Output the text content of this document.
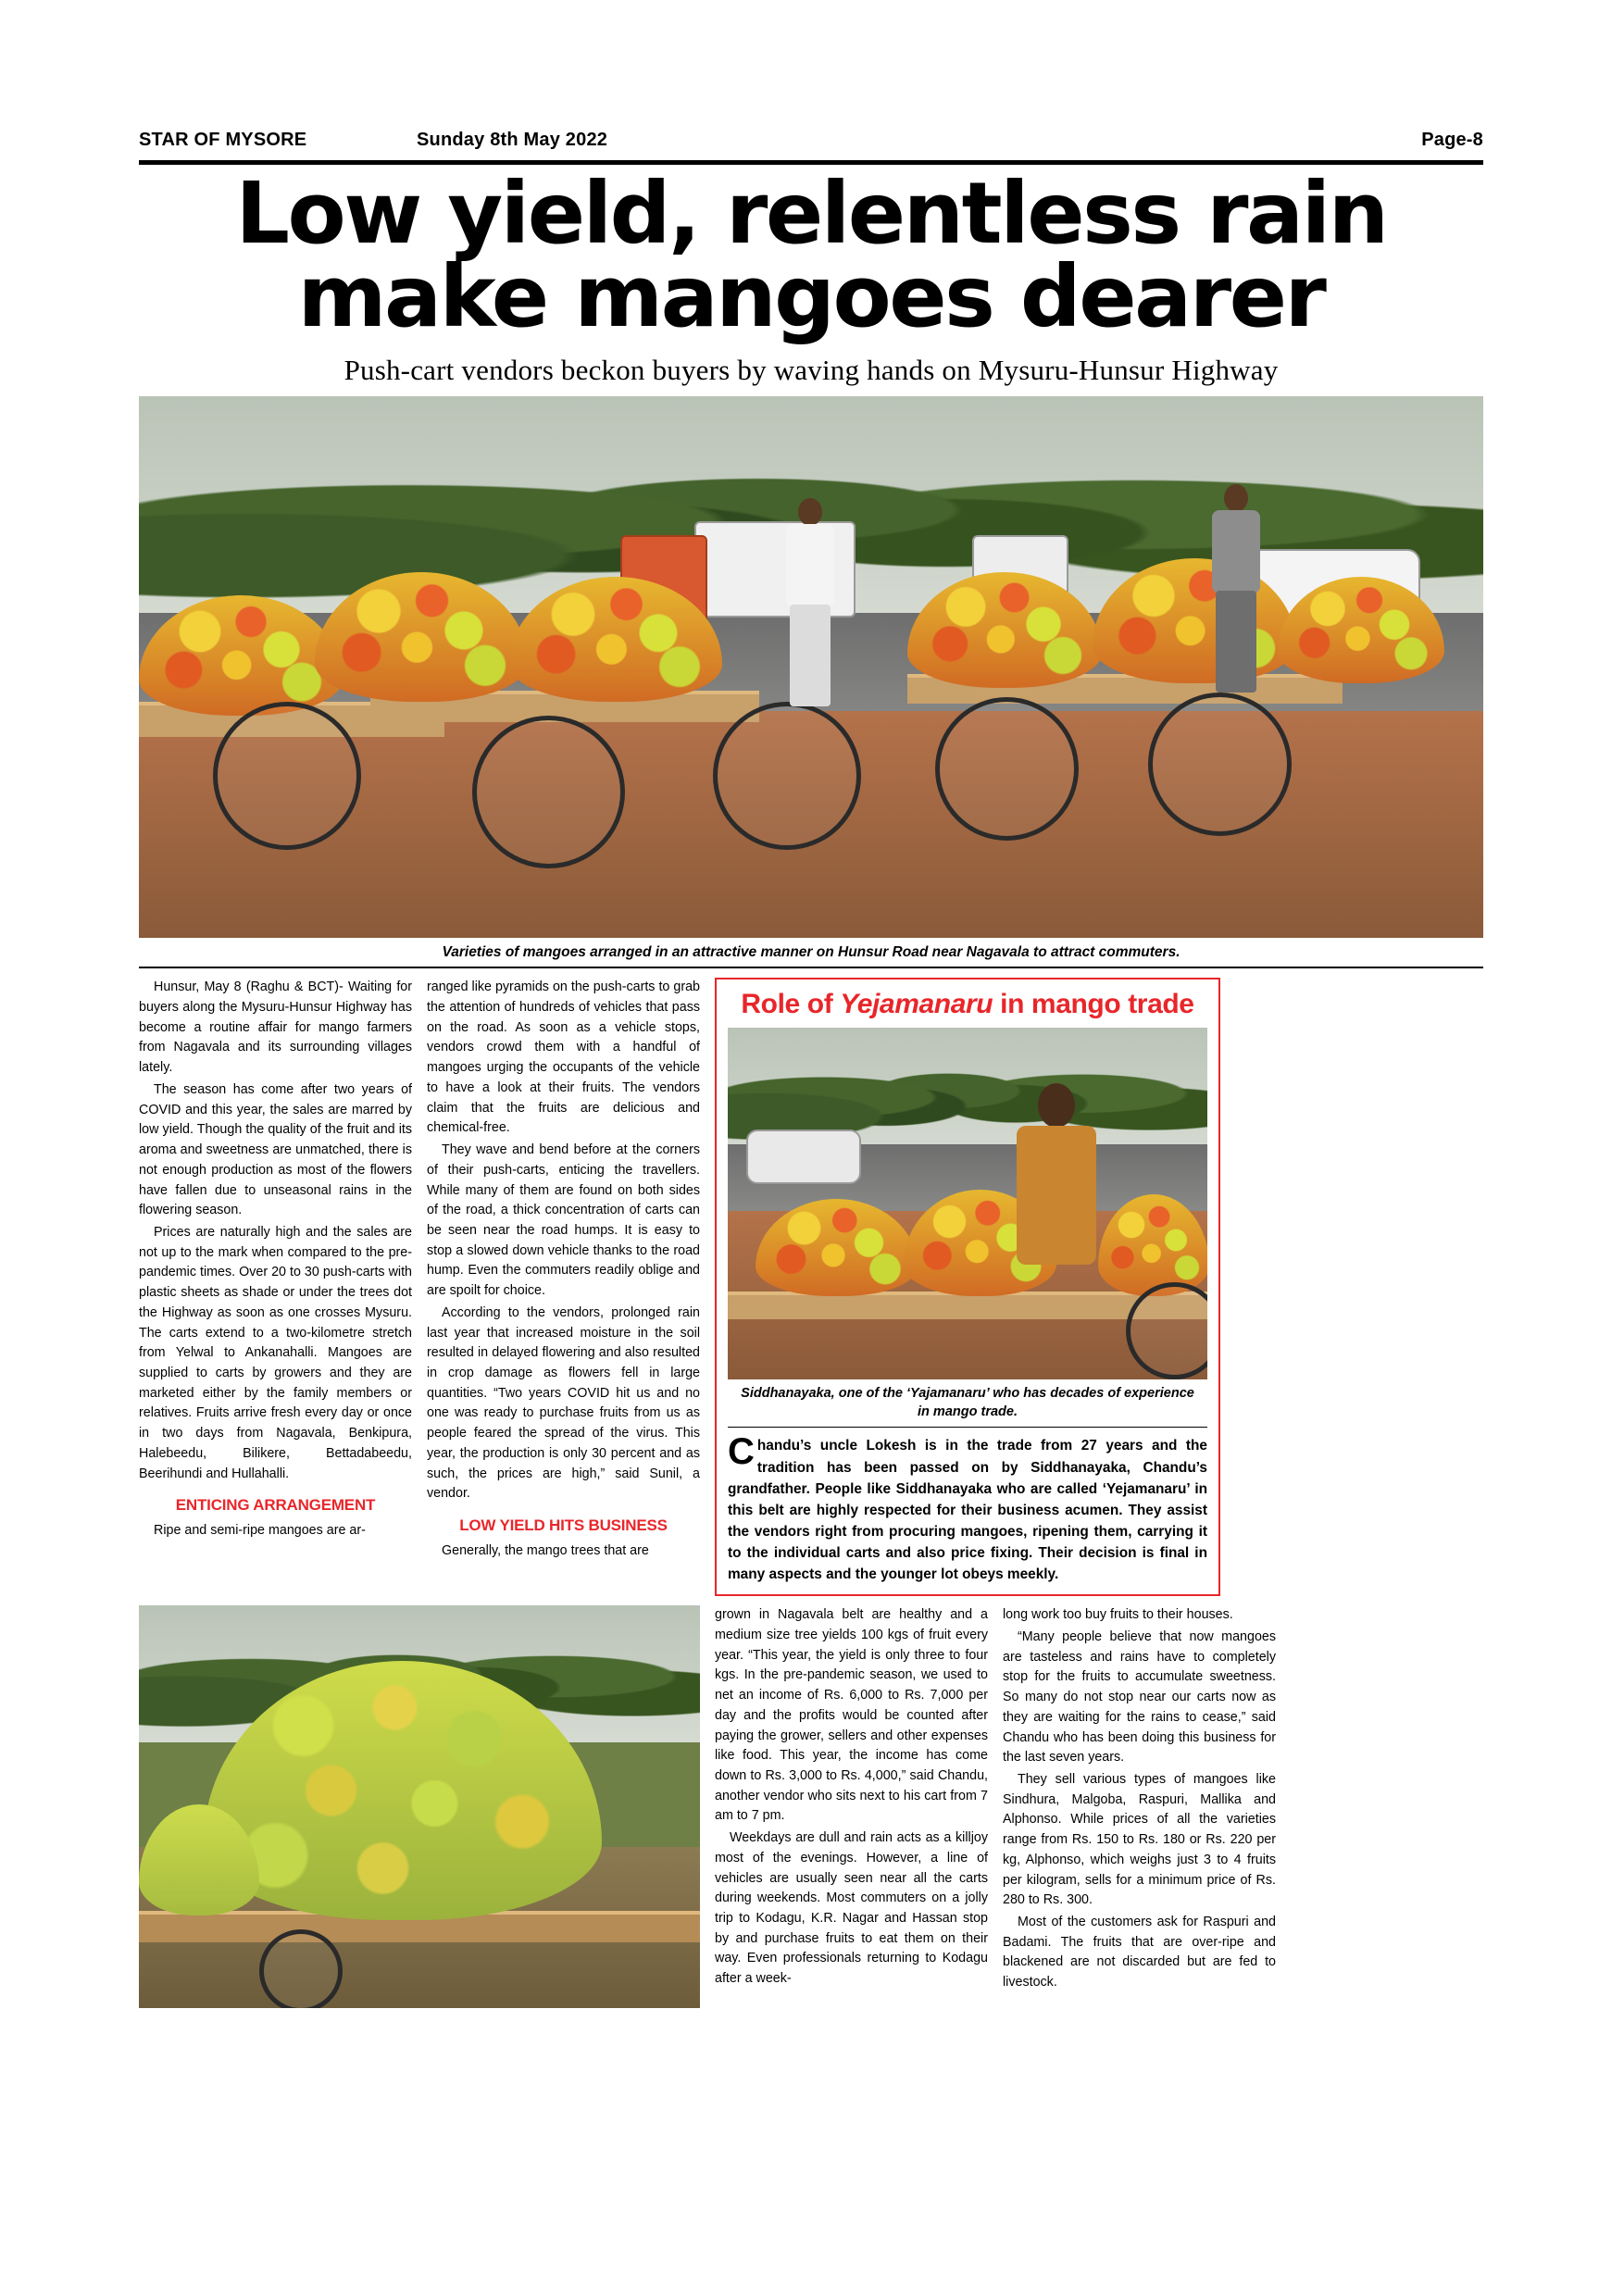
STAR OF MYSORE	Sunday 8th May 2022	Page-8
Low yield, relentless rain
make mangoes dearer
Push-cart vendors beckon buyers by waving hands on Mysuru-Hunsur Highway
Varieties of mangoes arranged in an attractive manner on Hunsur Road near Nagavala to attract commuters.

Hunsur, May 8 (Raghu & BCT)- Waiting for buyers along the Mysuru-Hunsur Highway has become a routine affair for mango farmers from Nagavala and its surrounding villages lately.

The season has come after two years of COVID and this year, the sales are marred by low yield. Though the quality of the fruit and its aroma and sweetness are unmatched, there is not enough production as most of the flowers have fallen due to unseasonal rains in the flowering season.

Prices are naturally high and the sales are not up to the mark when compared to the pre-pandemic times. Over 20 to 30 push-carts with plastic sheets as shade or under the trees dot the Highway as soon as one crosses Mysuru. The carts extend to a two-kilometre stretch from Yelwal to Ankanahalli. Mangoes are supplied to carts by growers and they are marketed either by the family members or relatives. Fruits arrive fresh every day or once in two days from Nagavala, Benkipura, Halebeedu, Bilikere, Bettadabeedu, Beerihundi and Hullahalli.

ENTICING ARRANGEMENT

Ripe and semi-ripe mangoes are ar-

ranged like pyramids on the push-carts to grab the attention of hundreds of vehicles that pass on the road. As soon as a vehicle stops, vendors crowd them with a handful of mangoes urging the occupants of the vehicle to have a look at their fruits. The vendors claim that the fruits are delicious and chemical-free.

They wave and bend before at the corners of their push-carts, enticing the travellers. While many of them are found on both sides of the road, a thick concentration of carts can be seen near the road humps. It is easy to stop a slowed down vehicle thanks to the road hump. Even the commuters readily oblige and are spoilt for choice.

According to the vendors, prolonged rain last year that increased moisture in the soil resulted in delayed flowering and also resulted in crop damage as flowers fell in large quantities. “Two years COVID hit us and no one was ready to purchase fruits from us as people feared the spread of the virus. This year, the production is only 30 percent and as such, the prices are high,” said Sunil, a vendor.

LOW YIELD HITS BUSINESS

Generally, the mango trees that are

Role of Yejamanaru in mango trade
Siddhanayaka, one of the ‘Yajamanaru’ who has decades of experience in mango trade.
Chandu’s uncle Lokesh is in the trade from 27 years and the tradition has been passed on by Siddhanayaka, Chandu’s grandfather. People like Siddhanayaka who are called ‘Yejamanaru’ in this belt are highly respected for their business acumen. They assist the vendors right from procuring mangoes, ripening them, carrying it to the individual carts and also price fixing. Their decision is final in many aspects and the younger lot obeys meekly.

grown in Nagavala belt are healthy and a medium size tree yields 100 kgs of fruit every year. “This year, the yield is only three to four kgs. In the pre-pandemic season, we used to net an income of Rs. 6,000 to Rs. 7,000 per day and the profits would be counted after paying the grower, sellers and other expenses like food. This year, the income has come down to Rs. 3,000 to Rs. 4,000,” said Chandu, another vendor who sits next to his cart from 7 am to 7 pm.

Weekdays are dull and rain acts as a killjoy most of the evenings. However, a line of vehicles are usually seen near all the carts during weekends. Most commuters on a jolly trip to Kodagu, K.R. Nagar and Hassan stop by and purchase fruits to eat them on their way. Even professionals returning to Kodagu after a week-

long work too buy fruits to their houses.

“Many people believe that now mangoes are tasteless and rains have to completely stop for the fruits to accumulate sweetness. So many do not stop near our carts now as they are waiting for the rains to cease,” said Chandu who has been doing this business for the last seven years.

They sell various types of mangoes like Sindhura, Malgoba, Raspuri, Mallika and Alphonso. While prices of all the varieties range from Rs. 150 to Rs. 180 or Rs. 220 per kg, Alphonso, which weighs just 3 to 4 fruits per kilogram, sells for a minimum price of Rs. 280 to Rs. 300.

Most of the customers ask for Raspuri and Badami. The fruits that are over-ripe and blackened are not discarded but are fed to livestock.
